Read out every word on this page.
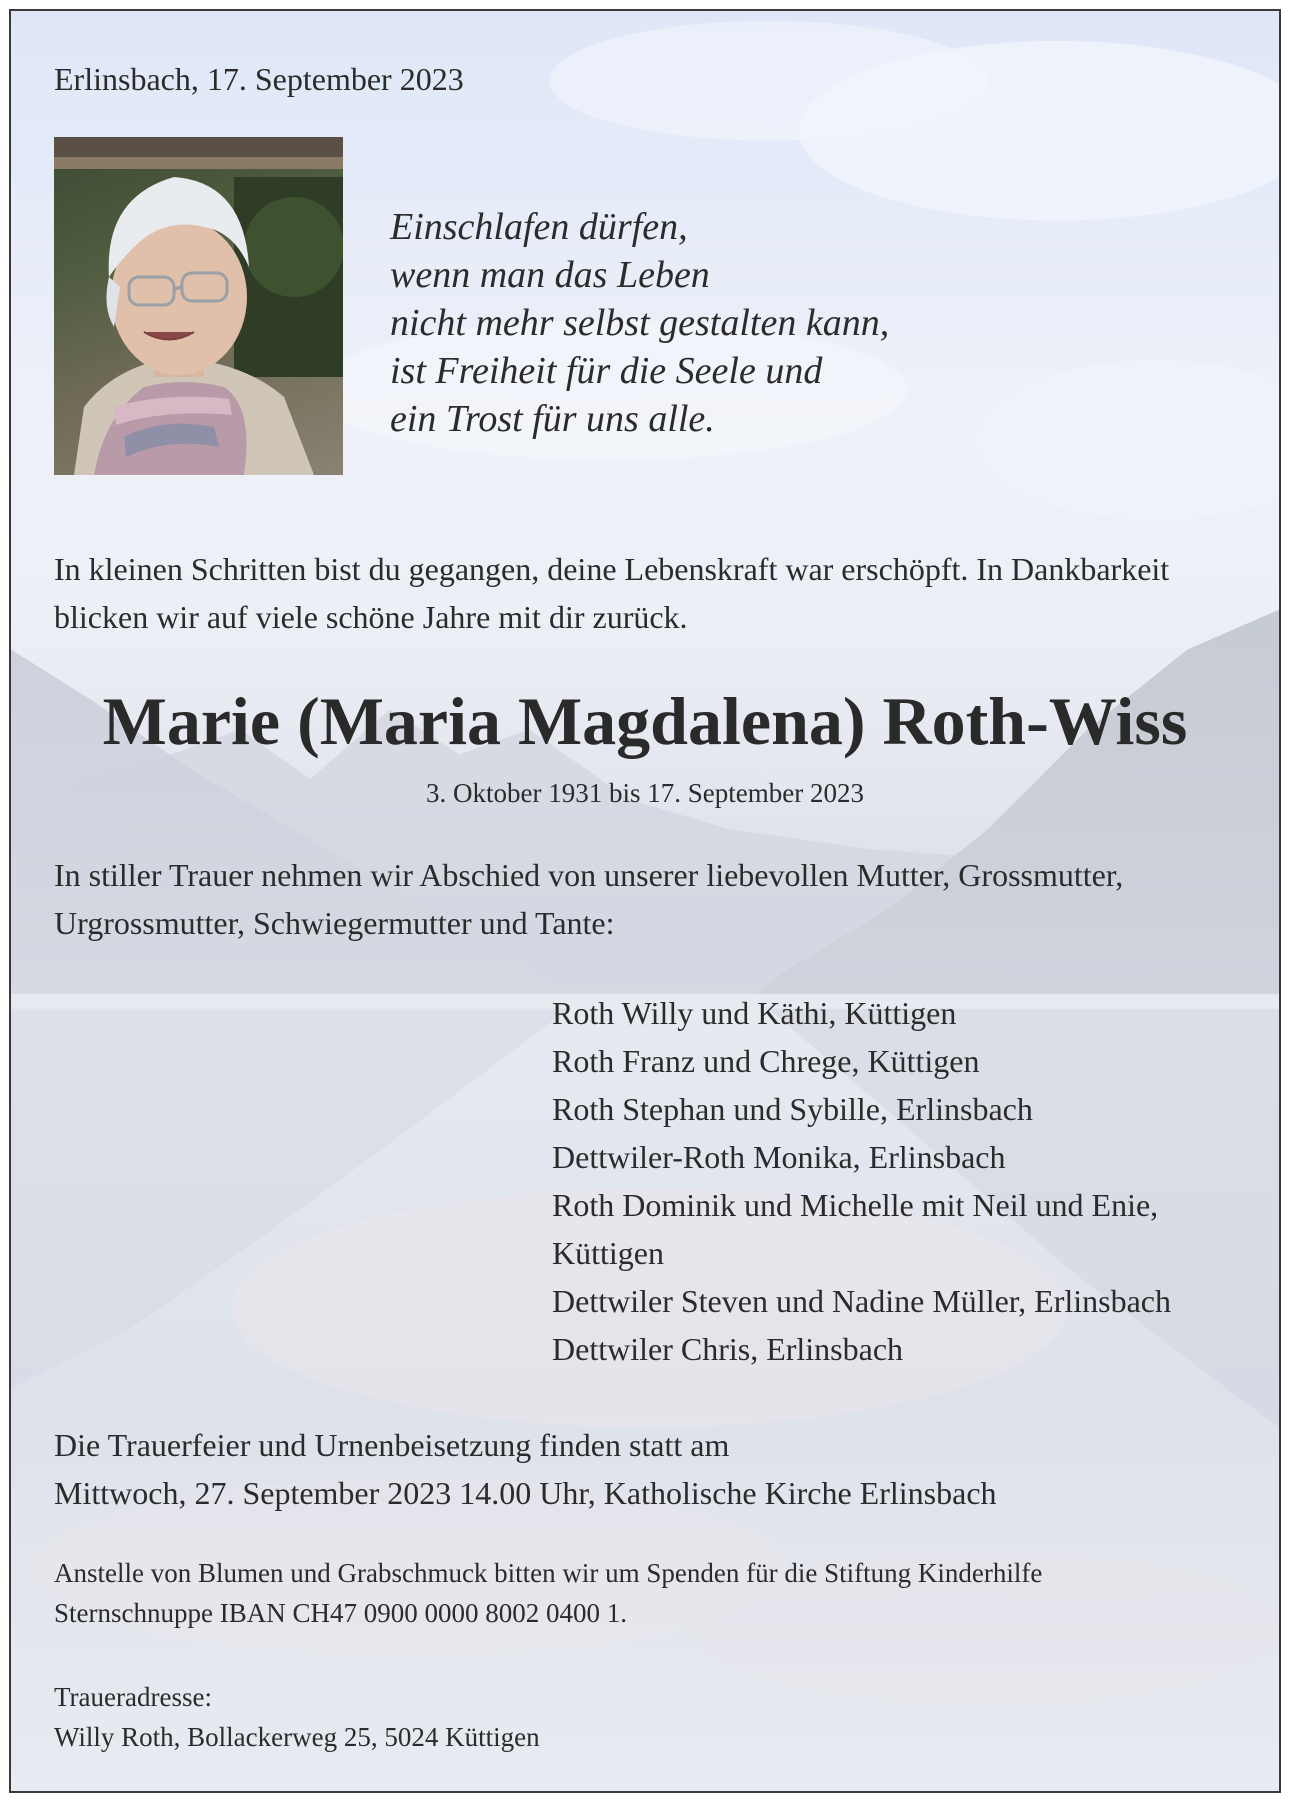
Erlinsbach, 17. September 2023
Einschlafen dürfen,
wenn man das Leben
nicht mehr selbst gestalten kann,
ist Freiheit für die Seele und
ein Trost für uns alle.
In kleinen Schritten bist du gegangen, deine Lebenskraft war erschöpft. In Dankbarkeit blicken wir auf viele schöne Jahre mit dir zurück.
Marie (Maria Magdalena) Roth-Wiss
3. Oktober 1931 bis 17. September 2023
In stiller Trauer nehmen wir Abschied von unserer liebevollen Mutter, Grossmutter, Urgrossmutter, Schwiegermutter und Tante:
Roth Willy und Käthi, Küttigen
Roth Franz und Chrege, Küttigen
Roth Stephan und Sybille, Erlinsbach
Dettwiler-Roth Monika, Erlinsbach
Roth Dominik und Michelle mit Neil und Enie,
Küttigen
Dettwiler Steven und Nadine Müller, Erlinsbach
Dettwiler Chris, Erlinsbach
Die Trauerfeier und Urnenbeisetzung finden statt am
Mittwoch, 27. September 2023 14.00 Uhr, Katholische Kirche Erlinsbach
Anstelle von Blumen und Grabschmuck bitten wir um Spenden für die Stiftung Kinderhilfe
Sternschnuppe IBAN CH47 0900 0000 8002 0400 1.
Traueradresse:
Willy Roth, Bollackerweg 25, 5024 Küttigen
